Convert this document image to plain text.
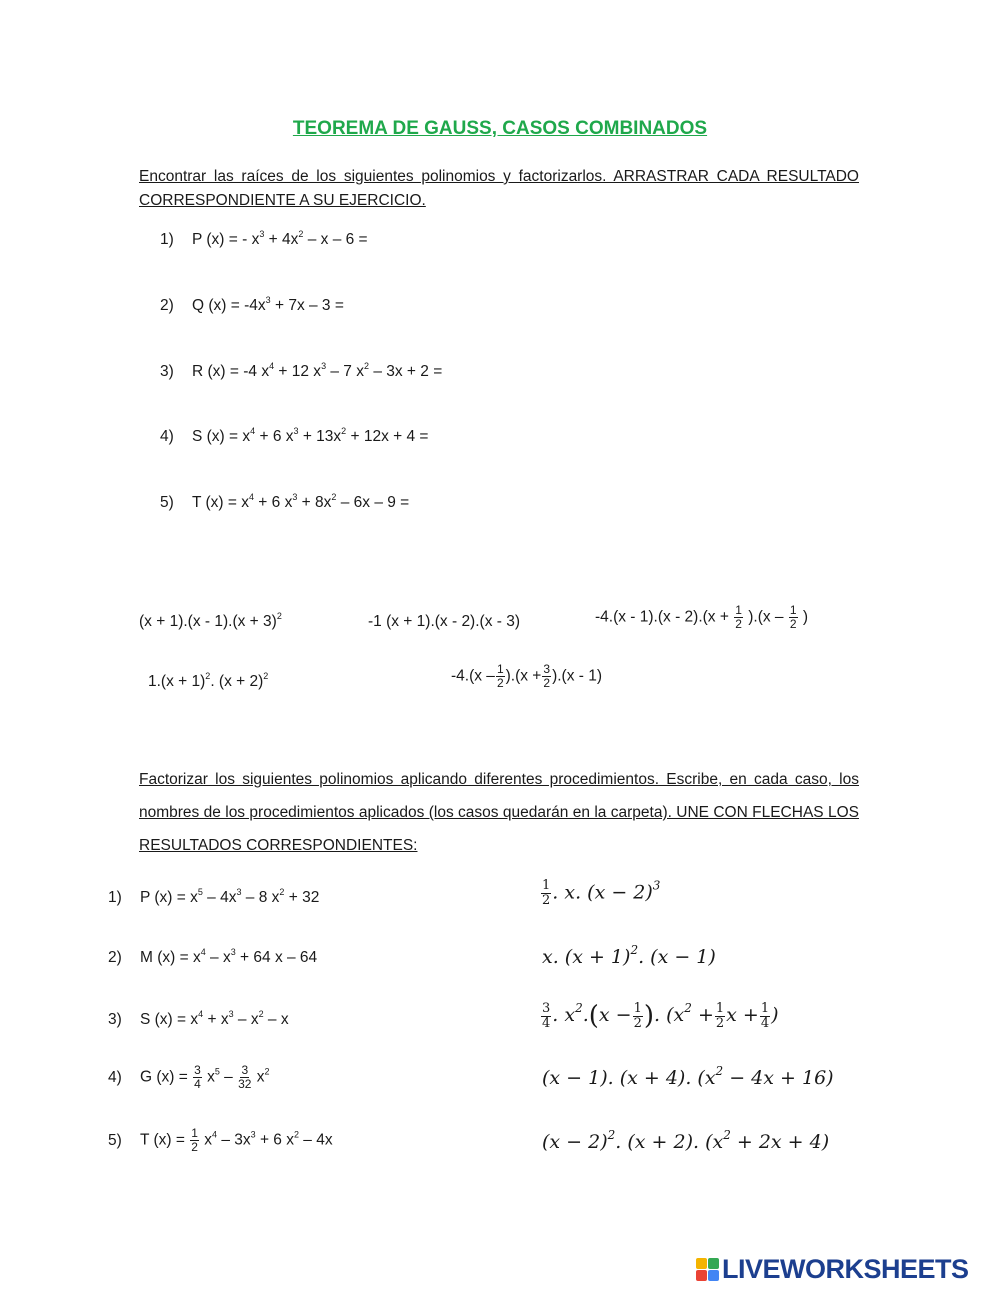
TEOREMA DE GAUSS, CASOS COMBINADOS
Encontrar las raíces de los siguientes polinomios y factorizarlos. ARRASTRAR CADA RESULTADO CORRESPONDIENTE A SU EJERCICIO.
1) P (x) = - $x^3 + 4x^2 - x - 6$ =
2) Q $(x) = -4x^3 + 7x - 3$ =
3) R (x) = -4 $x^4 + 12$ $x^3 - 7$ $x^2 - 3x + 2$ =
4) S $(x) = x^4 + 6$ $x^3 + 13x^2 + 12x + 4$ =
5) T $(x) = x^4 + 6$ $x^3 + 8x^2 - 6x - 9$ =
$(x + 1).(x - 1).(x + 3)^2$	-1 (x + 1).(x - 2).(x - 3)	$-4.(x - 1).(x - 2).(x + \frac{1}{2} ).(x - \frac{1}{2}$ )
$1.(x + 1)^2$. $(x + 2)^2$	$-4.(x - \frac{1}{2} ).(x + \frac{3}{2} ).(x - 1)$
Factorizar los siguientes polinomios aplicando diferentes procedimientos. Escribe, en cada caso, los nombres de los procedimientos aplicados (los casos quedarán en la carpeta). UNE CON FLECHAS LOS RESULTADOS CORRESPONDIENTES:
1) P $(x) = x^5 - 4x^3 - 8$ $x^2 + 32$
2) M $(x) = x^4 - x^3 + 64$ x – 64
3) S $(x) = x^4 + x^3 - x^2 - x$
4) G $(x) = \frac{3}{4} x^5 - \frac{3}{32} x^2$
5) T $(x) = \frac{1}{2} x^4 - 3x^3 + 6$ $x^2 - 4x$
$\frac{1}{2}$ . x. $(x - 2)^3$
x. $(x + 1)^2$. (x − 1)
$\frac{3}{4}$ . $x^2.(x - \frac{1}{2}$ ). ($x^2 + \frac{1}{2}$ $x + \frac{1}{4}$ )
(x − 1). (x + 4). $(x^2 - 4x + 16)$
$(x - 2)^2$. (x + 2). $(x^2 + 2x + 4)$
LIVEWORKSHEETS
